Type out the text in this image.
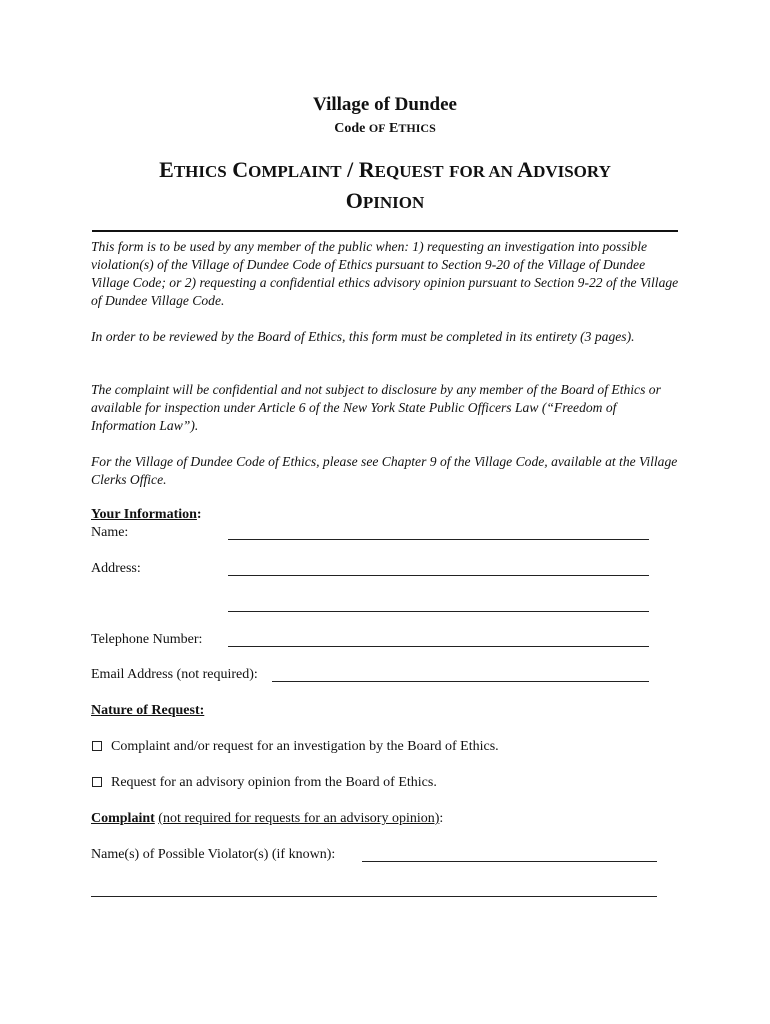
Village of Dundee
Code OF ETHICS
ETHICS COMPLAINT / REQUEST FOR AN ADVISORY
OPINION

This form is to be used by any member of the public when: 1) requesting an investigation into possible violation(s) of the Village of Dundee Code of Ethics pursuant to Section 9-20 of the Village of Dundee Village Code; or 2) requesting a confidential ethics advisory opinion pursuant to Section 9-22 of the Village of Dundee Village Code.

In order to be reviewed by the Board of Ethics, this form must be completed in its entirety (3 pages).

The complaint will be confidential and not subject to disclosure by any member of the Board of Ethics or available for inspection under Article 6 of the New York State Public Officers Law (“Freedom of Information Law”).

For the Village of Dundee Code of Ethics, please see Chapter 9 of the Village Code, available at the Village Clerks Office.

Your Information:
Name:
Address:
Telephone Number:
Email Address (not required):
Nature of Request:
Complaint and/or request for an investigation by the Board of Ethics.
Request for an advisory opinion from the Board of Ethics.
Complaint (not required for requests for an advisory opinion):
Name(s) of Possible Violator(s) (if known):
